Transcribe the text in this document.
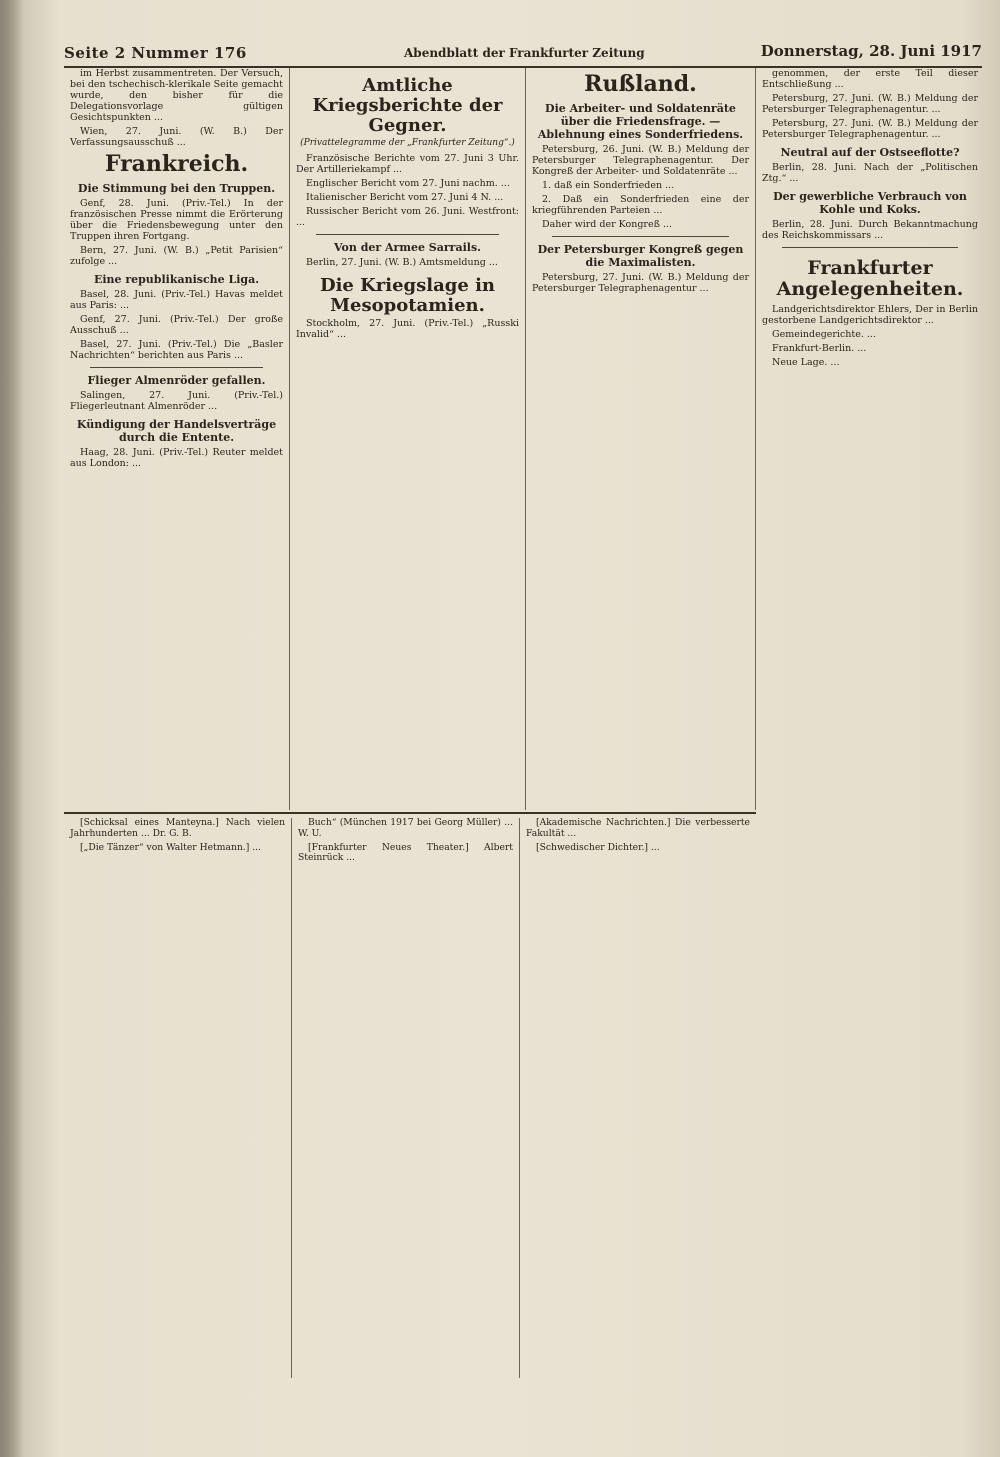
Seite 2 Nummer 176	Abendblatt der Frankfurter Zeitung	Donnerstag, 28. Juni 1917

im Herbst zusammentreten. Der Versuch, bei den tschechisch-klerikale Seite gemacht wurde, den bisher für die Delegationsvorlage gültigen Gesichtspunkten ...

Wien, 27. Juni. (W. B.) Der Verfassungsausschuß ...

Frankreich.
Die Stimmung bei den Truppen.

Genf, 28. Juni. (Priv.-Tel.) In der französischen Presse nimmt die Erörterung über die Friedensbewegung unter den Truppen ihren Fortgang.

Bern, 27. Juni. (W. B.) „Petit Parisien“ zufolge ...

Eine republikanische Liga.

Basel, 28. Juni. (Priv.-Tel.) Havas meldet aus Paris: ...

Genf, 27. Juni. (Priv.-Tel.) Der große Ausschuß ...

Basel, 27. Juni. (Priv.-Tel.) Die „Basler Nachrichten“ berichten aus Paris ...

Flieger Almenröder gefallen.

Salingen, 27. Juni. (Priv.-Tel.) Fliegerleutnant Almenröder ...

Kündigung der Handelsverträge durch die Entente.

Haag, 28. Juni. (Priv.-Tel.) Reuter meldet aus London: ...

Amtliche Kriegsberichte der Gegner.
(Privattelegramme der „Frankfurter Zeitung“.)

Französische Berichte vom 27. Juni 3 Uhr. Der Artilleriekampf ...

Englischer Bericht vom 27. Juni nachm. ...

Italienischer Bericht vom 27. Juni 4 N. ...

Russischer Bericht vom 26. Juni. Westfront: ...

Von der Armee Sarrails.

Berlin, 27. Juni. (W. B.) Amtsmeldung ...

Die Kriegslage in Mesopotamien.

Stockholm, 27. Juni. (Priv.-Tel.) „Russki Invalid“ ...

Rußland.
Die Arbeiter- und Soldatenräte über die Friedensfrage. — Ablehnung eines Sonderfriedens.

Petersburg, 26. Juni. (W. B.) Meldung der Petersburger Telegraphenagentur. Der Kongreß der Arbeiter- und Soldatenräte ...

1. daß ein Sonderfrieden ...

2. Daß ein Sonderfrieden eine der kriegführenden Parteien ...

Daher wird der Kongreß ...

Der Petersburger Kongreß gegen die Maximalisten.

Petersburg, 27. Juni. (W. B.) Meldung der Petersburger Telegraphenagentur ...

genommen, der erste Teil dieser Entschließung ...

Petersburg, 27. Juni. (W. B.) Meldung der Petersburger Telegraphenagentur. ...

Petersburg, 27. Juni. (W. B.) Meldung der Petersburger Telegraphenagentur. ...

Neutral auf der Ostseeflotte?

Berlin, 28. Juni. Nach der „Politischen Ztg.“ ...

Der gewerbliche Verbrauch von Kohle und Koks.

Berlin, 28. Juni. Durch Bekanntmachung des Reichskommissars ...

Frankfurter Angelegenheiten.

Landgerichtsdirektor Ehlers, Der in Berlin gestorbene Landgerichtsdirektor ...

Gemeindegerichte. ...

Frankfurt-Berlin. ...

Neue Lage. ...

[Schicksal eines Manteyna.] Nach vielen Jahrhunderten ... Dr. G. B.

[„Die Tänzer“ von Walter Hetmann.] ...

Buch“ (München 1917 bei Georg Müller) ... W. U.

[Frankfurter Neues Theater.] Albert Steinrück ...

[Akademische Nachrichten.] Die verbesserte Fakultät ...

[Schwedischer Dichter.] ...
